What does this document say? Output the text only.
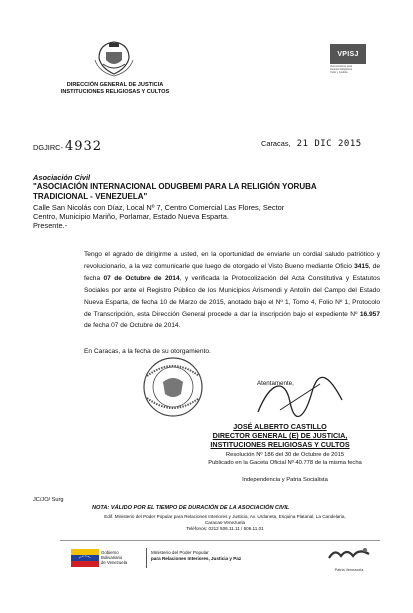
DIRECCIÓN GENERAL DE JUSTICIA
INSTITUCIONES RELIGIOSAS Y CULTOS
VPISJ
Viceministerio para
Asuntos Religiosos
Culto y Justicia
DGJIRC- 4932	Caracas, 21 DIC 2015
Asociación Civil
"ASOCIACIÓN INTERNACIONAL ODUGBEMI PARA LA RELIGIÓN YORUBA
TRADICIONAL - VENEZUELA"
Calle San Nicolás con Díaz, Local Nº 7, Centro Comercial Las Flores, Sector
Centro, Municipio Mariño, Porlamar, Estado Nueva Esparta.
Presente.-
Tengo el agrado de dirigirme a usted, en la oportunidad de enviarle un cordial saludo patriótico y revolucionario, a la vez comunicarle que luego de otorgado el Visto Bueno mediante Oficio 3415, de fecha 07 de Octubre de 2014, y verificada la Protocolización del Acta Constitutiva y Estatutos Sociales por ante el Registro Público de los Municipios Arismendi y Antolín del Campo del Estado Nueva Esparta, de fecha 10 de Marzo de 2015, anotado bajo el Nº 1, Tomo 4, Folio Nº 1, Protocolo de Transcripción, esta Dirección General procede a dar la inscripción bajo el expediente Nº 16.957 de fecha 07 de Octubre de 2014.
En Caracas, a la fecha de su otorgamiento.
Atentamente,
JOSÉ ALBERTO CASTILLO
DIRECTOR GENERAL (E) DE JUSTICIA,
INSTITUCIONES RELIGIOSAS Y CULTOS
Resolución Nº 186 del 30 de Octubre de 2015
Publicado en la Gaceta Oficial Nº 40.778 de la misma fecha
Independencia y Patria Socialista
JC/JO/ Surg
NOTA: VÁLIDO POR EL TIEMPO DE DURACIÓN DE LA ASOCIACIÓN CIVIL
Edif. Ministerio del Poder Popular para Relaciones Interiores y Justicia, Av. Urdaneta, Esquina Platanal, La Candelaria,
Caracas-Venezuela
Teléfonos: 0212 506.11.11 / 506.11.01
Gobierno
Bolivariano
de Venezuela
Ministerio del Poder Popular
para Relaciones Interiores, Justicia y Paz
Patria Venezuela
